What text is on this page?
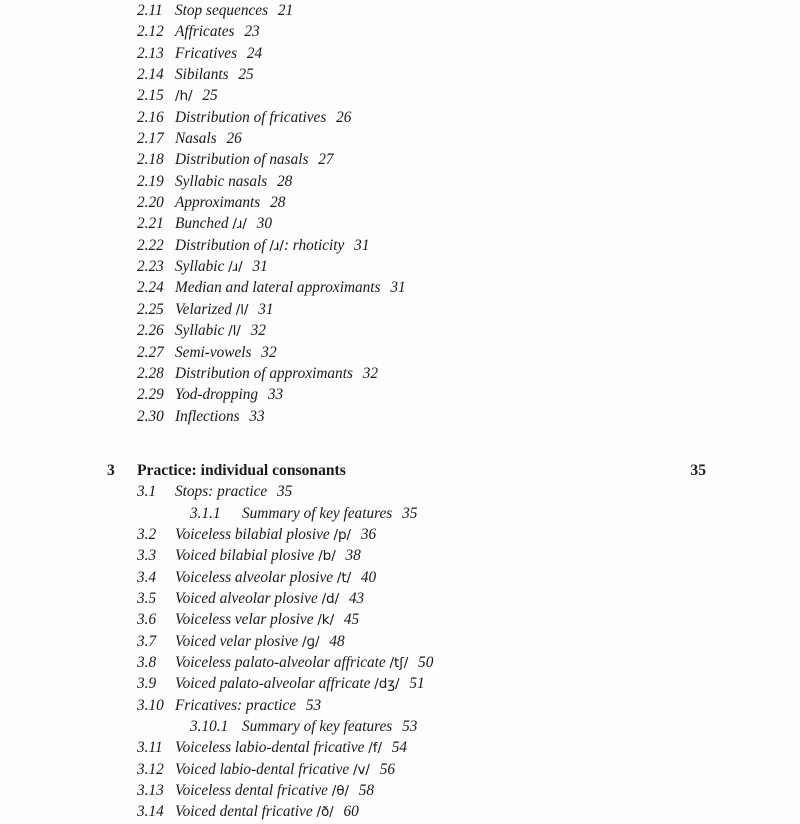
2.11 Stop sequences 21
2.12 Affricates 23
2.13 Fricatives 24
2.14 Sibilants 25
2.15 /h/ 25
2.16 Distribution of fricatives 26
2.17 Nasals 26
2.18 Distribution of nasals 27
2.19 Syllabic nasals 28
2.20 Approximants 28
2.21 Bunched /ɹ/ 30
2.22 Distribution of /ɹ/: rhoticity 31
2.23 Syllabic /ɹ/ 31
2.24 Median and lateral approximants 31
2.25 Velarized /l/ 31
2.26 Syllabic /l/ 32
2.27 Semi-vowels 32
2.28 Distribution of approximants 32
2.29 Yod-dropping 33
2.30 Inflections 33
3 Practice: individual consonants	35
3.1 Stops: practice 35
3.1.1 Summary of key features 35
3.2 Voiceless bilabial plosive /p/ 36
3.3 Voiced bilabial plosive /b/ 38
3.4 Voiceless alveolar plosive /t/ 40
3.5 Voiced alveolar plosive /d/ 43
3.6 Voiceless velar plosive /k/ 45
3.7 Voiced velar plosive /ɡ/ 48
3.8 Voiceless palato-alveolar affricate /tʃ/ 50
3.9 Voiced palato-alveolar affricate /dʒ/ 51
3.10 Fricatives: practice 53
3.10.1 Summary of key features 53
3.11 Voiceless labio-dental fricative /f/ 54
3.12 Voiced labio-dental fricative /v/ 56
3.13 Voiceless dental fricative /θ/ 58
3.14 Voiced dental fricative /ð/ 60
